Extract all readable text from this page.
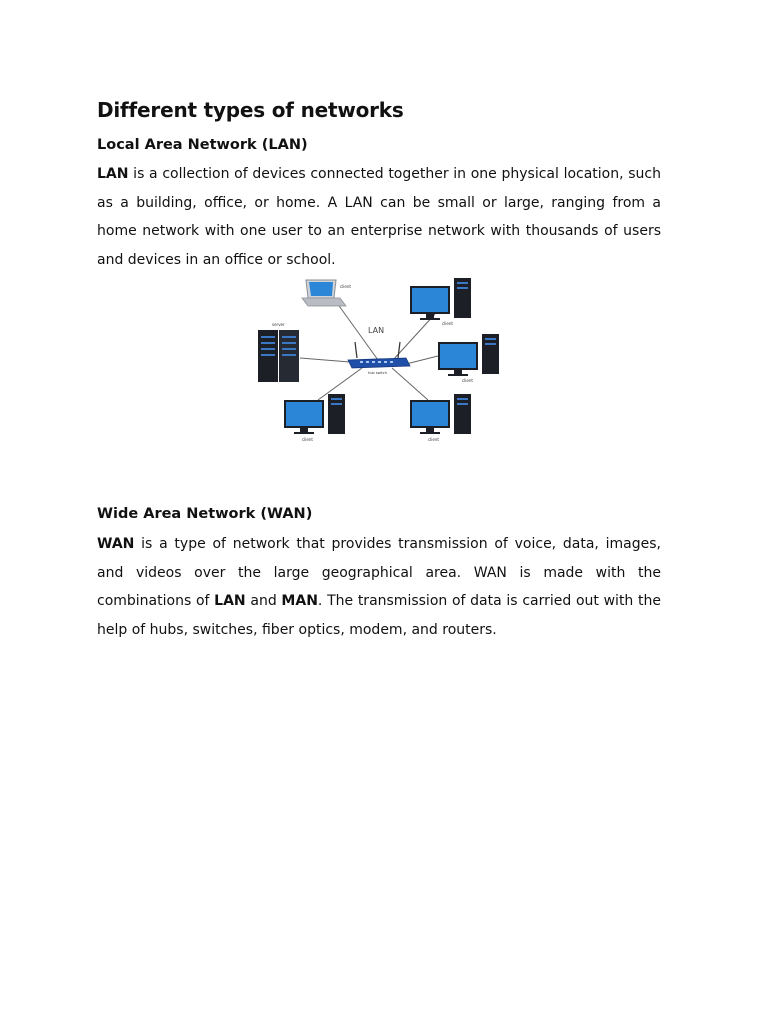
Different types of networks
Local Area Network (LAN)

LAN is a collection of devices connected together in one physical location, such as a building, office, or home. A LAN can be small or large, ranging from a home network with one user to an enterprise network with thousands of users and devices in an office or school.

client
server
LAN
hub switch
client
client
client	client
Wide Area Network (WAN)

WAN is a type of network that provides transmission of voice, data, images, and videos over the large geographical area. WAN is made with the combinations of LAN and MAN. The transmission of data is carried out with the help of hubs, switches, fiber optics, modem, and routers.
